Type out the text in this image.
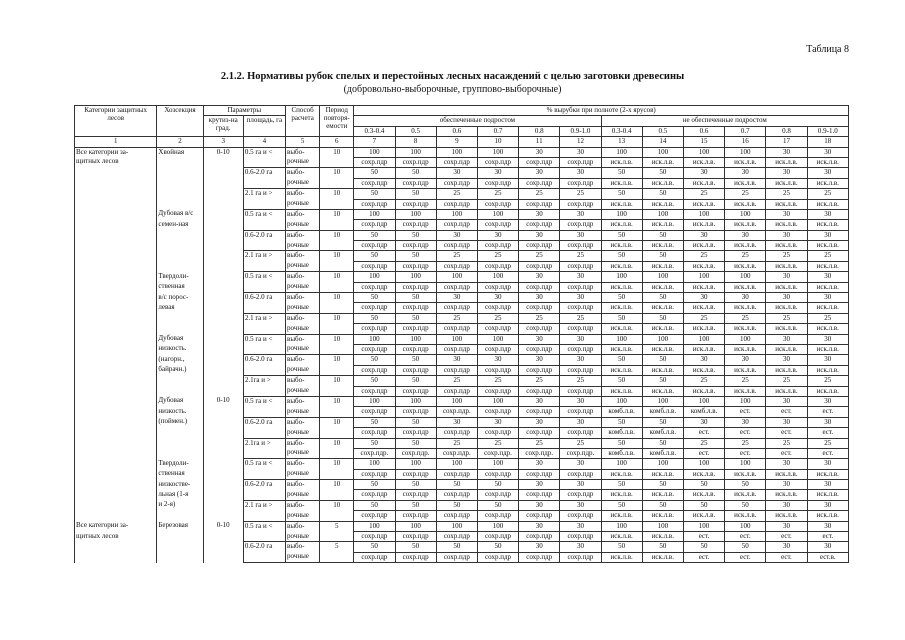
Таблица 8
2.1.2. Нормативы рубок спелых и перестойных лесных насаждений с целью заготовки древесины
(добровольно-выборочные, группово-выборочные)
Категории защитных лесов	Хозсекция	Параметры		Способ расчета	Период повторя-емости	% вырубки при полноте (2-х ярусов)											
		крутиз-на град.	площадь, га			обеспеченные подростом						не обеспеченные подростом					
						0.3-0.4	0.5	0.6	0.7	0.8	0.9-1.0	0.3-0.4	0.5	0.6	0.7	0.8	0.9-1.0
1	2	3	4	5	6	7	8	9	10	11	12	13	14	15	16	17	18
Все категории за-	Хвойная	0-10	0.5 га и <	выбо-	10	100	100	100	100	30	30	100	100	100	100	30	30
щитных лесов				рочные		сохр.пдр	сохр.пдр	сохр.пдр	сохр.пдр	сохр.пдр	сохр.пдр	иск.л.в.	иск.л.в.	иск.л.в.	иск.л.в.	иск.л.в.	иск.л.в.
			0.6-2.0 га	выбо-	10	50	50	30	30	30	30	50	50	30	30	30	30
				рочные		сохр.пдр	сохр.пдр	сохр.пдр	сохр.пдр	сохр.пдр	сохр.пдр	иск.л.в.	иск.л.в.	иск.л.в.	иск.л.в.	иск.л.в.	иск.л.в.
			2.1 га и >	выбо-	10	50	50	25	25	25	25	50	50	25	25	25	25
				рочные		сохр.пдр	сохр.пдр	сохр.пдр	сохр.пдр	сохр.пдр	сохр.пдр	иск.л.в.	иск.л.в.	иск.л.в.	иск.л.в.	иск.л.в.	иск.л.в.
	Дубовая в/с		0.5 га и <	выбо-	10	100	100	100	100	30	30	100	100	100	100	30	30
	семен-ная			рочные		сохр.пдр	сохр.пдр	сохр.пдр	сохр.пдр	сохр.пдр	сохр.пдр	иск.л.в.	иск.л.в.	иск.л.в.	иск.л.в.	иск.л.в.	иск.л.в.
			0.6-2.0 га	выбо-	10	50	50	30	30	30	30	50	50	30	30	30	30
				рочные		сохр.пдр	сохр.пдр	сохр.пдр	сохр.пдр	сохр.пдр	сохр.пдр	иск.л.в.	иск.л.в.	иск.л.в.	иск.л.в.	иск.л.в.	иск.л.в.
			2.1 га и >	выбо-	10	50	50	25	25	25	25	50	50	25	25	25	25
				рочные		сохр.пдр	сохр.пдр	сохр.пдр	сохр.пдр	сохр.пдр	сохр.пдр	иск.л.в.	иск.л.в.	иск.л.в.	иск.л.в.	иск.л.в.	иск.л.в.
	Твердоли-		0.5 га и <	выбо-	10	100	100	100	100	30	30	100	100	100	100	30	30
	ственная			рочные		сохр.пдр	сохр.пдр	сохр.пдр	сохр.пдр	сохр.пдр	сохр.пдр	иск.л.в.	иск.л.в.	иск.л.в.	иск.л.в.	иск.л.в.	иск.л.в.
	в/с порос-		0.6-2.0 га	выбо-	10	50	50	30	30	30	30	50	50	30	30	30	30
	левая			рочные		сохр.пдр	сохр.пдр	сохр.пдр	сохр.пдр	сохр.пдр	сохр.пдр	иск.л.в.	иск.л.в.	иск.л.в.	иск.л.в.	иск.л.в.	иск.л.в.
			2.1 га и >	выбо-	10	50	50	25	25	25	25	50	50	25	25	25	25
				рочные		сохр.пдр	сохр.пдр	сохр.пдр	сохр.пдр	сохр.пдр	сохр.пдр	иск.л.в.	иск.л.в.	иск.л.в.	иск.л.в.	иск.л.в.	иск.л.в.
	Дубовая		0.5 га и <	выбо-	10	100	100	100	100	30	30	100	100	100	100	30	30
	низкость.			рочные		сохр.пдр	сохр.пдр	сохр.пдр	сохр.пдр	сохр.пдр	сохр.пдр	иск.л.в.	иск.л.в.	иск.л.в.	иск.л.в.	иск.л.в.	иск.л.в.
	(нагорн.,		0.6-2.0 га	выбо-	10	50	50	30	30	30	30	50	50	30	30	30	30
	байрачн.)			рочные		сохр.пдр	сохр.пдр	сохр.пдр	сохр.пдр	сохр.пдр	сохр.пдр	иск.л.в.	иск.л.в.	иск.л.в.	иск.л.в.	иск.л.в.	иск.л.в.
			2.1га и >	выбо-	10	50	50	25	25	25	25	50	50	25	25	25	25
				рочные		сохр.пдр	сохр.пдр	сохр.пдр	сохр.пдр	сохр.пдр	сохр.пдр	иск.л.в.	иск.л.в.	иск.л.в.	иск.л.в.	иск.л.в.	иск.л.в.
	Дубовая	0-10	0.5 га и <	выбо-	10	100	100	100	100	30	30	100	100	100	100	30	30
	низкость.			рочные		сохр.пдр	сохр.пдр	сохр.пдр.	сохр.пдр	сохр.пдр	сохр.пдр	комб.л.в.	комб.л.в.	комб.л.в.	ест.	ест.	ест.
	(поймен.)		0.6-2.0 га	выбо-	10	50	50	30	30	30	30	50	50	30	30	30	30
				рочные		сохр.пдр	сохр.пдр	сохр.пдр	сохр.пдр	сохр.пдр	сохр.пдр	комб.л.в.	комб.л.в.	ест.	ест.	ест.	ест.
			2.1га и >	выбо-	10	50	50	25	25	25	25	50	50	25	25	25	25
				рочные		сохр.пдр.	сохр.пдр.	сохр.пдр.	сохр.пдр.	сохр.пдр.	сохр.пдр.	комб.л.в.	комб.л.в.	ест.	ест.	ест.	ест.
	Твердоли-		0.5 га и <	выбо-	10	100	100	100	100	30	30	100	100	100	100	30	30
	ственная			рочные		сохр.пдр	сохр.пдр	сохр.пдр	сохр.пдр	сохр.пдр	сохр.пдр	иск.л.в.	иск.л.в.	иск.л.в.	иск.л.в.	иск.л.в.	иск.л.в.
	низкостве-		0.6-2.0 га	выбо-	10	50	50	50	50	30	30	50	50	50	50	30	30
	льная (1-я			рочные		сохр.пдр	сохр.пдр	сохр.пдр	сохр.пдр	сохр.пдр	сохр.пдр	иск.л.в.	иск.л.в.	иск.л.в.	иск.л.в.	иск.л.в.	иск.л.в.
	и 2-я)		2.1 га и >	выбо-	10	50	50	50	50	30	30	50	50	50	50	30	30
				рочные		сохр.пдр	сохр.пдр	сохр.пдр	сохр.пдр	сохр.пдр	сохр.пдр	иск.л.в.	иск.л.в.	иск.л.в.	иск.л.в.	иск.л.в.	иск.л.в.
Все категории за-	Березовая	0-10	0.5 га и <	выбо-	5	100	100	100	100	30	30	100	100	100	100	30	30
щитных лесов				рочные		сохр.пдр	сохр.пдр	сохр.пдр	сохр.пдр	сохр.пдр	сохр.пдр	иск.л.в.	иск.л.в.	ест.	ест.	ест.	ест.
			0.6-2.0 га	выбо-	5	50	50	50	50	30	30	50	50	50	50	30	30
				рочные		сохр.пдр	сохр.пдр	сохр.пдр	сохр.пдр	сохр.пдр	сохр.пдр	иск.л.в.	иск.л.в.	ест.	ест.	ест.	ест.в.
